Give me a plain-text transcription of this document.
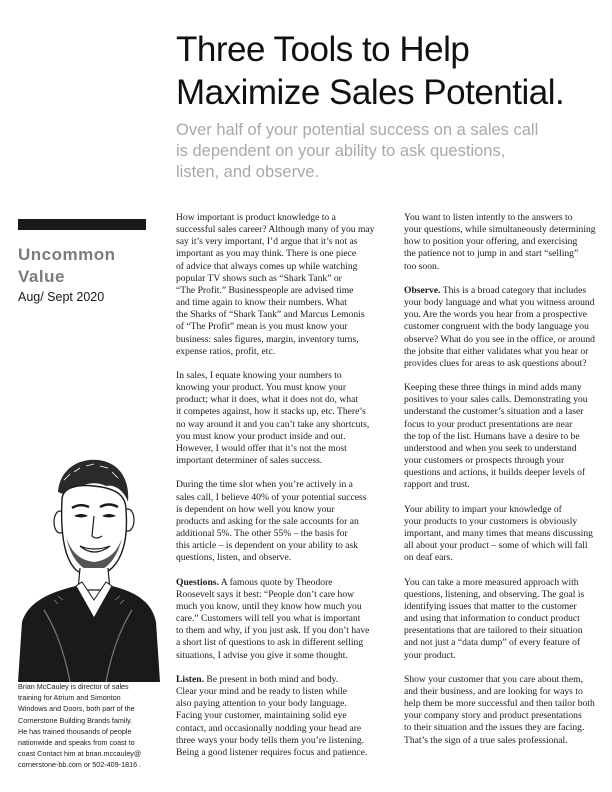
Three Tools to Help
Maximize Sales Potential.
Over half of your potential success on a sales call
is dependent on your ability to ask questions,
listen, and observe.
Uncommon
Value
Aug/ Sept 2020
Brian McCauley is director of sales
training for Atrium and Simonton
Windows and Doors, both part of the
Cornerstone Building Brands family.
He has trained thousands of people
nationwide and speaks from coast to
coast Contact him at brian.mccauley@
cornerstone-bb.com or 502-409-1816 .

How important is product knowledge to a
successful sales career? Although many of you may
say it’s very important, I’d argue that it’s not as
important as you may think. There is one piece
of advice that always comes up while watching
popular TV shows such as “Shark Tank” or
“The Profit.” Businesspeople are advised time
and time again to know their numbers. What
the Sharks of “Shark Tank” and Marcus Lemonis
of “The Profit” mean is you must know your
business: sales figures, margin, inventory turns,
expense ratios, profit, etc.

In sales, I equate knowing your numbers to
knowing your product. You must know your
product; what it does, what it does not do, what
it competes against, how it stacks up, etc. There’s
no way around it and you can’t take any shortcuts,
you must know your product inside and out.
However, I would offer that it’s not the most
important determiner of sales success.

During the time slot when you’re actively in a
sales call, I believe 40% of your potential success
is dependent on how well you know your
products and asking for the sale accounts for an
additional 5%. The other 55% – the basis for
this article – is dependent on your ability to ask
questions, listen, and observe.

Questions. A famous quote by Theodore
Roosevelt says it best: “People don’t care how
much you know, until they know how much you
care.” Customers will tell you what is important
to them and why, if you just ask. If you don’t have
a short list of questions to ask in different selling
situations, I advise you give it some thought.

Listen. Be present in both mind and body.
Clear your mind and be ready to listen while
also paying attention to your body language.
Facing your customer, maintaining solid eye
contact, and occasionally nodding your head are
three ways your body tells them you’re listening.
Being a good listener requires focus and patience.

You want to listen intently to the answers to
your questions, while simultaneously determining
how to position your offering, and exercising
the patience not to jump in and start “selling”
too soon.

Observe. This is a broad category that includes
your body language and what you witness around
you. Are the words you hear from a prospective
customer congruent with the body language you
observe? What do you see in the office, or around
the jobsite that either validates what you hear or
provides clues for areas to ask questions about?

Keeping these three things in mind adds many
positives to your sales calls. Demonstrating you
understand the customer’s situation and a laser
focus to your product presentations are near
the top of the list. Humans have a desire to be
understood and when you seek to understand
your customers or prospects through your
questions and actions, it builds deeper levels of
rapport and trust.

Your ability to impart your knowledge of
your products to your customers is obviously
important, and many times that means discussing
all about your product – some of which will fall
on deaf ears.

You can take a more measured approach with
questions, listening, and observing. The goal is
identifying issues that matter to the customer
and using that information to conduct product
presentations that are tailored to their situation
and not just a “data dump” of every feature of
your product.

Show your customer that you care about them,
and their business, and are looking for ways to
help them be more successful and then tailor both
your company story and product presentations
to their situation and the issues they are facing.
That’s the sign of a true sales professional.
